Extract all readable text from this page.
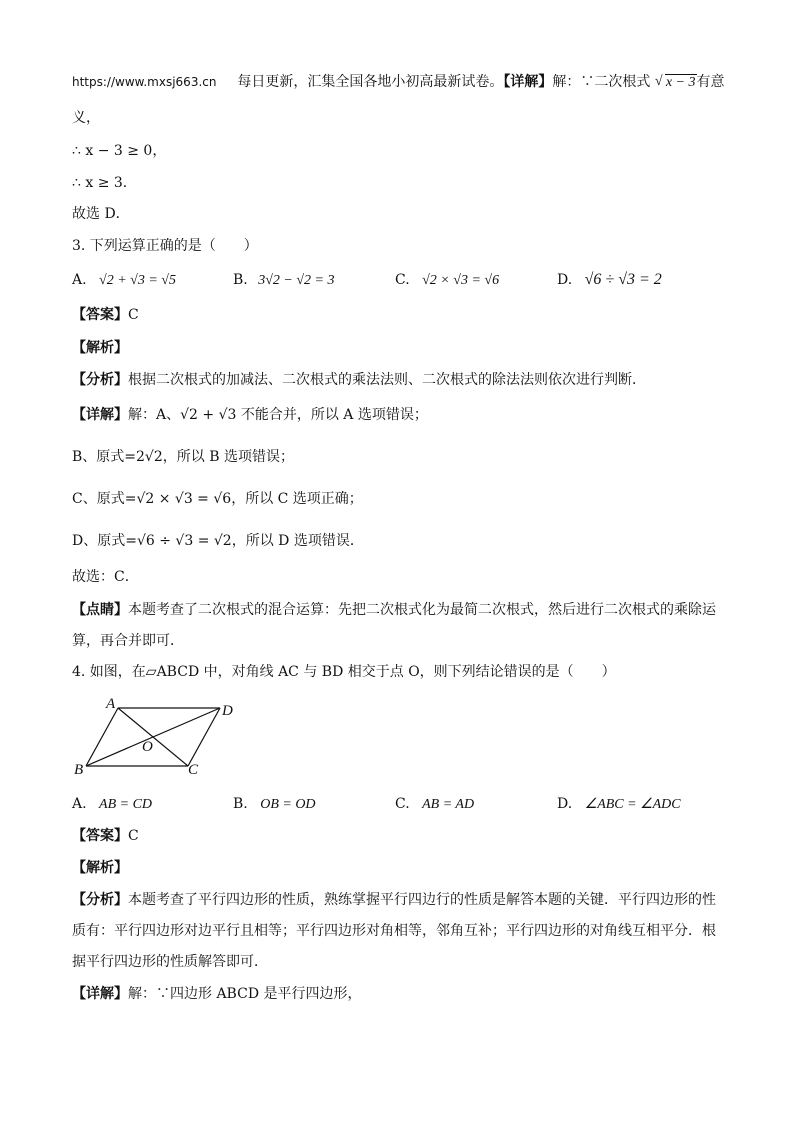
https://www.mxsj663.cn 每日更新，汇集全国各地小初高最新试卷。【详解】解：∵二次根式 √ x − 3有意
义，
∴ x − 3 ≥ 0，
∴ x ≥ 3．
故选 D．
3. 下列运算正确的是（　　）
A. √2 + √3 = √5	B. 3√2 − √2 = 3	C. √2 × √3 = √6	D. √6 ÷ √3 = 2
【答案】C
【解析】
【分析】根据二次根式的加减法、二次根式的乘法法则、二次根式的除法法则依次进行判断．
【详解】解：A、√2 + √3 不能合并，所以 A 选项错误；
B、原式=2√2，所以 B 选项错误；
C、原式=√2 × √3 = √6，所以 C 选项正确；
D、原式=√6 ÷ √3 = √2，所以 D 选项错误．
故选：C．
【点睛】本题考查了二次根式的混合运算：先把二次根式化为最简二次根式，然后进行二次根式的乘除运
算，再合并即可．
4. 如图，在▱ABCD 中，对角线 AC 与 BD 相交于点 O，则下列结论错误的是（　　）
A	D
B	C
O
A. AB = CD	B. OB = OD	C. AB = AD	D. ∠ABC = ∠ADC
【答案】C
【解析】
【分析】本题考查了平行四边形的性质，熟练掌握平行四边行的性质是解答本题的关键．平行四边形的性
质有：平行四边形对边平行且相等；平行四边形对角相等，邻角互补；平行四边形的对角线互相平分．根
据平行四边形的性质解答即可．
【详解】解：∵四边形 ABCD 是平行四边形，
